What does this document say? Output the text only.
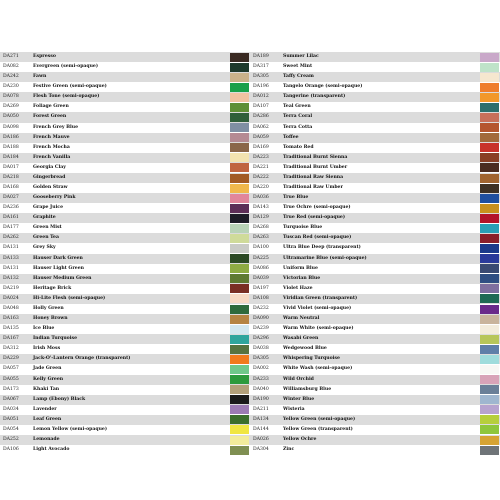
DA271	Espresso
DA082	Evergreen (semi-opaque)
DA242	Fawn
DA230	Festive Green (semi-opaque)
DA078	Flesh Tone (semi-opaque)
DA269	Foliage Green
DA050	Forest Green
DA098	French Grey Blue
DA186	French Mauve
DA188	French Mocha
DA184	French Vanilla
DA017	Georgia Clay
DA218	Gingerbread
DA168	Golden Straw
DA027	Gooseberry Pink
DA236	Grape Juice
DA161	Graphite
DA177	Green Mist
DA262	Green Tea
DA131	Grey Sky
DA133	Hauser Dark Green
DA131	Hauser Light Green
DA132	Hauser Medium Green
DA219	Heritage Brick
DA024	Hi-Lite Flesh (semi-opaque)
DA048	Holly Green
DA163	Honey Brown
DA135	Ice Blue
DA167	Indian Turquoise
DA312	Irish Moss
DA229	Jack-O'-Lantern Orange (transparent)
DA057	Jade Green
DA055	Kelly Green
DA173	Khaki Tan
DA067	Lamp (Ebony) Black
DA034	Lavender
DA051	Leaf Green
DA054	Lemon Yellow (semi-opaque)
DA252	Lemonade
DA106	Light Avocado
DA189	Summer Lilac
DA317	Sweet Mint
DA305	Taffy Cream
DA196	Tangelo Orange (semi-opaque)
DA012	Tangerine (transparent)
DA107	Teal Green
DA286	Terra Coral
DA062	Terra Cotta
DA059	Toffee
DA169	Tomato Red
DA223	Traditional Burnt Sienna
DA221	Traditional Burnt Umber
DA222	Traditional Raw Sienna
DA220	Traditional Raw Umber
DA036	True Blue
DA143	True Ochre (semi-opaque)
DA129	True Red (semi-opaque)
DA268	Turquoise Blue
DA263	Tuscan Red (semi-opaque)
DA100	Ultra Blue Deep (transparent)
DA225	Ultramarine Blue (semi-opaque)
DA086	Uniform Blue
DA039	Victorian Blue
DA197	Violet Haze
DA108	Viridian Green (transparent)
DA232	Vivid Violet (semi-opaque)
DA090	Warm Neutral
DA239	Warm White (semi-opaque)
DA296	Wasabi Green
DA038	Wedgewood Blue
DA305	Whispering Turquoise
DA002	White Wash (semi-opaque)
DA233	Wild Orchid
DA040	Williamsburg Blue
DA190	Winter Blue
DA211	Wisteria
DA134	Yellow Green (semi-opaque)
DA144	Yellow Green (transparent)
DA026	Yellow Ochre
DA304	Zinc
